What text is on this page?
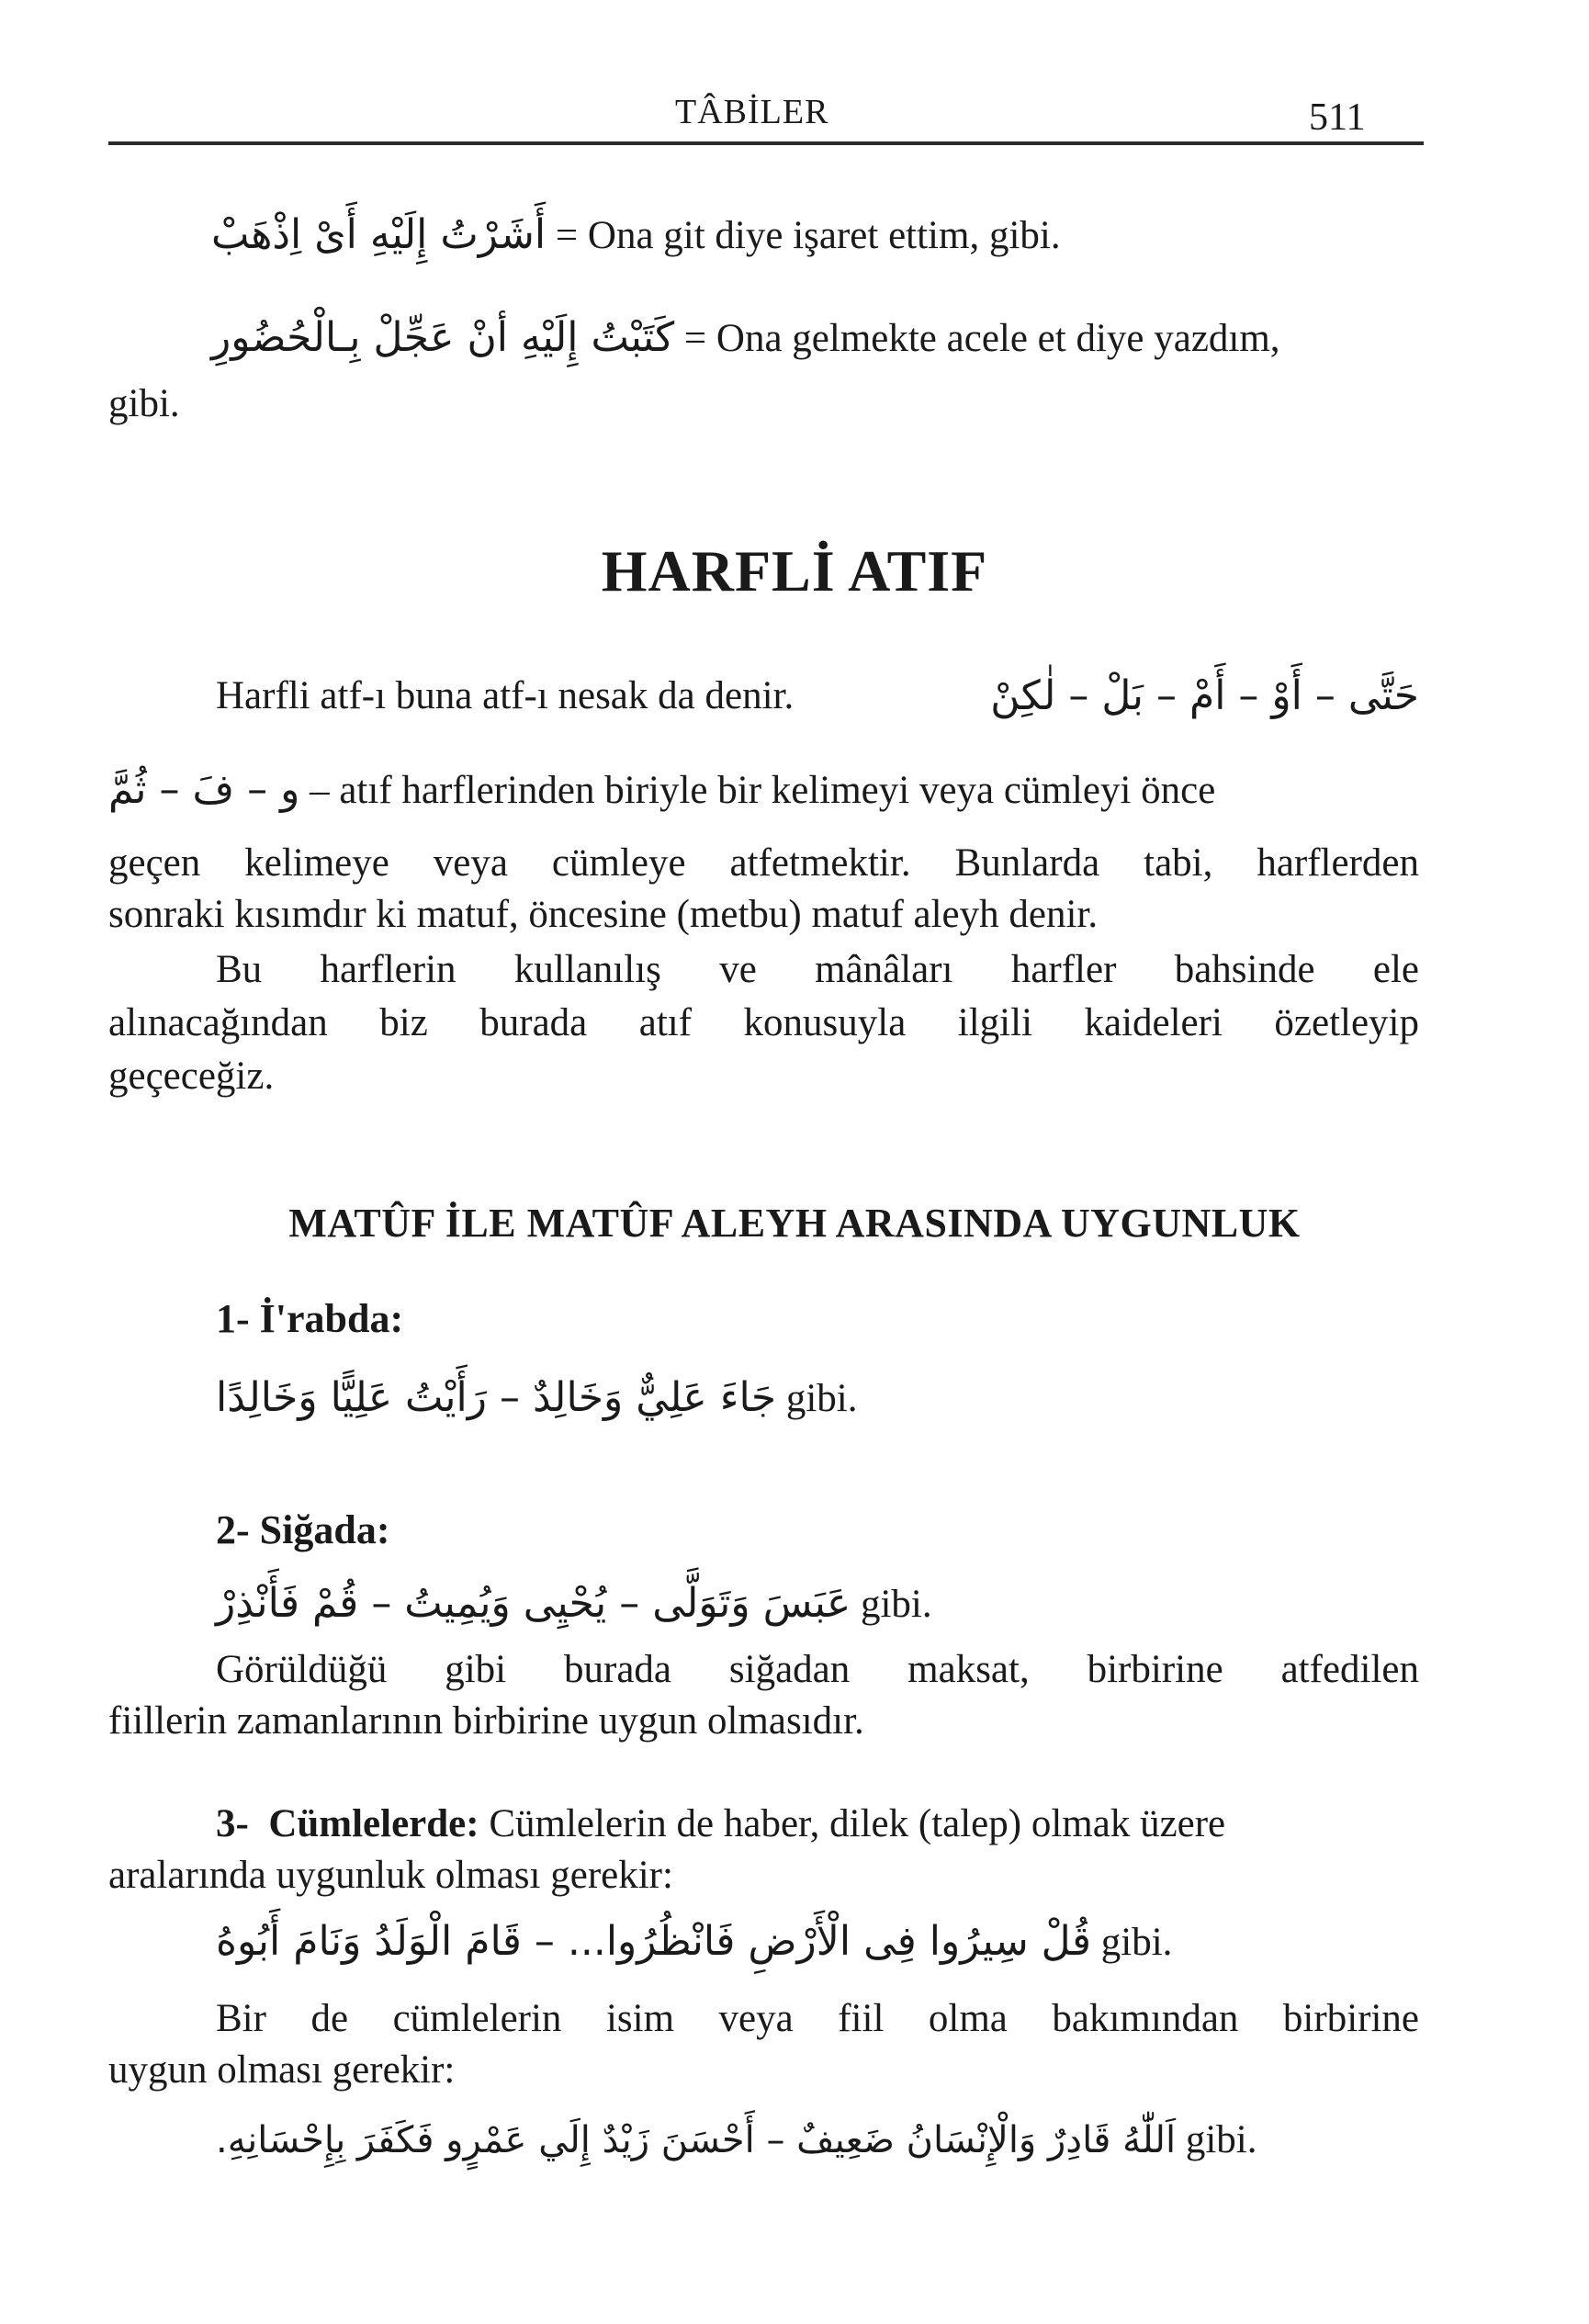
TÂBİLER	511
أَشَرْتُ إِلَيْهِ أَىْ اِذْهَبْ = Ona git diye işaret ettim, gibi.
كَتَبْتُ إِلَيْهِ أنْ عَجِّلْ بِـالْحُضُورِ = Ona gelmekte acele et diye yazdım,
gibi.
HARFLİ ATIF
Harfli atf-ı buna atf-ı nesak da denir.	حَتَّى – أَوْ – أَمْ – بَلْ – لٰكِنْ
و – فَ – ثُمَّ – atıf harflerinden biriyle bir kelimeyi veya cümleyi önce
geçen kelimeye veya cümleye atfetmektir. Bunlarda tabi, harflerden
sonraki kısımdır ki matuf, öncesine (metbu) matuf aleyh denir.
Bu harflerin kullanılış ve mânâları harfler bahsinde ele
alınacağından biz burada atıf konusuyla ilgili kaideleri özetleyip
geçeceğiz.
MATÛF İLE MATÛF ALEYH ARASINDA UYGUNLUK
1- İ'rabda:
جَاءَ عَلِيٌّ وَخَالِدٌ – رَأَيْتُ عَلِيًّا وَخَالِدًا gibi.
2- Siğada:
عَبَسَ وَتَوَلَّى – يُحْيِى وَيُمِيتُ – قُمْ فَأَنْذِرْ gibi.
Görüldüğü gibi burada siğadan maksat, birbirine atfedilen
fiillerin zamanlarının birbirine uygun olmasıdır.
3- Cümlelerde: Cümlelerin de haber, dilek (talep) olmak üzere
aralarında uygunluk olması gerekir:
قُلْ سِيرُوا فِى الْأَرْضِ فَانْظُرُوا... – قَامَ الْوَلَدُ وَنَامَ أَبُوهُ gibi.
Bir de cümlelerin isim veya fiil olma bakımından birbirine
uygun olması gerekir:
اَللّٰهُ قَادِرٌ وَالْإِنْسَانُ ضَعِيفٌ – أَحْسَنَ زَيْدٌ إِلَي عَمْرٍو فَكَفَرَ بِإِحْسَانِهِ. gibi.
